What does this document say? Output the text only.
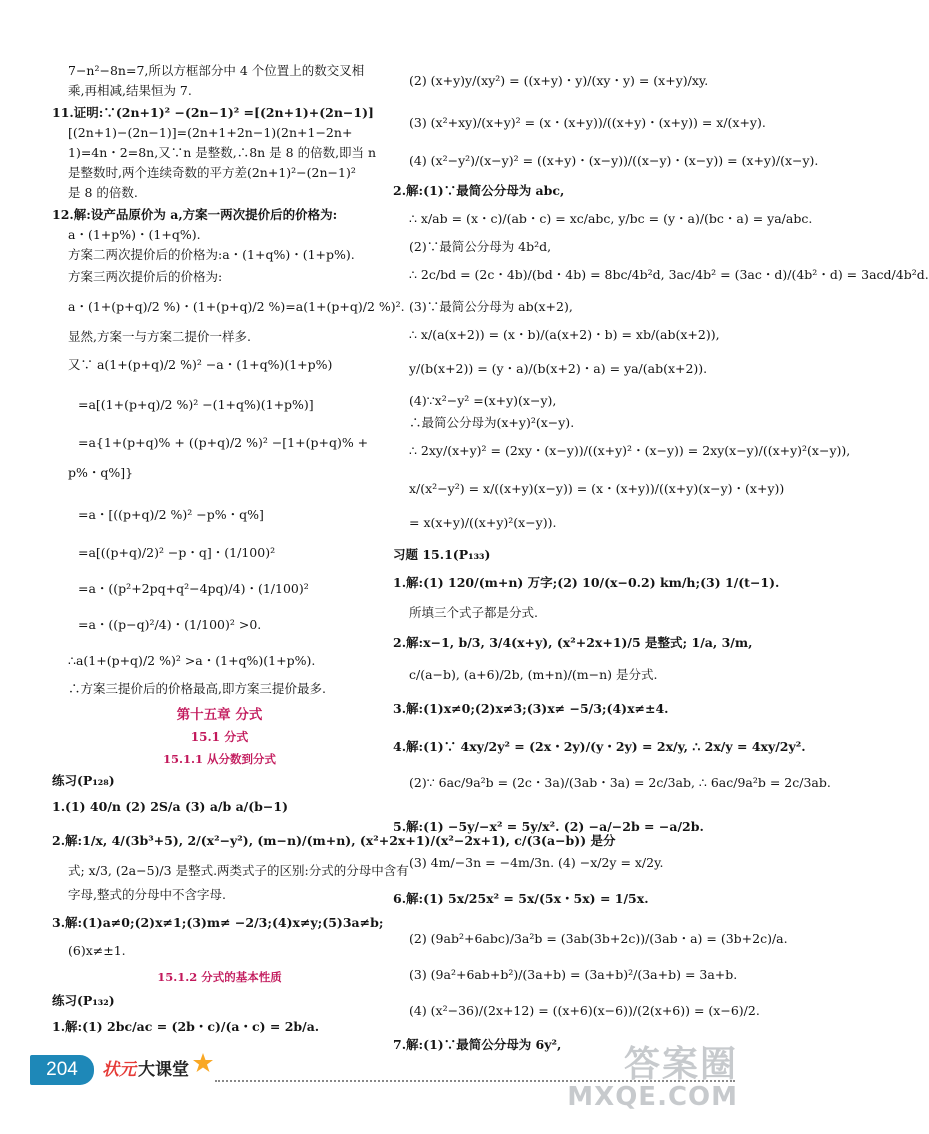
7−n²−8n=7,所以方框部分中 4 个位置上的数交叉相
乘,再相减,结果恒为 7.
11.证明:∵(2n+1)² −(2n−1)² =[(2n+1)+(2n−1)]
[(2n+1)−(2n−1)]=(2n+1+2n−1)(2n+1−2n+
1)=4n・2=8n,又∵n 是整数,∴8n 是 8 的倍数,即当 n
是整数时,两个连续奇数的平方差(2n+1)²−(2n−1)²
是 8 的倍数.
12.解:设产品原价为 a,方案一两次提价后的价格为:
a・(1+p%)・(1+q%).
方案二两次提价后的价格为:a・(1+q%)・(1+p%).
方案三两次提价后的价格为:
a・(1+(p+q)/2 %)・(1+(p+q)/2 %)=a(1+(p+q)/2 %)².
显然,方案一与方案二提价一样多.
又∵ a(1+(p+q)/2 %)² −a・(1+q%)(1+p%)
=a[(1+(p+q)/2 %)² −(1+q%)(1+p%)]
=a{1+(p+q)% + ((p+q)/2 %)² −[1+(p+q)% +
p%・q%]}
=a・[((p+q)/2 %)² −p%・q%]
=a[((p+q)/2)² −p・q]・(1/100)²
=a・((p²+2pq+q²−4pq)/4)・(1/100)²
=a・((p−q)²/4)・(1/100)² >0.
∴a(1+(p+q)/2 %)² >a・(1+q%)(1+p%).
∴方案三提价后的价格最高,即方案三提价最多.
第十五章 分式
15.1 分式
15.1.1 从分数到分式
练习(P₁₂₈)
1.(1) 40/n (2) 2S/a (3) a/b a/(b−1)
2.解:1/x, 4/(3b³+5), 2/(x²−y²), (m−n)/(m+n), (x²+2x+1)/(x²−2x+1), c/(3(a−b)) 是分
式; x/3, (2a−5)/3 是整式.两类式子的区别:分式的分母中含有
字母,整式的分母中不含字母.
3.解:(1)a≠0;(2)x≠1;(3)m≠ −2/3;(4)x≠y;(5)3a≠b;
(6)x≠±1.
15.1.2 分式的基本性质
练习(P₁₃₂)
1.解:(1) 2bc/ac = (2b・c)/(a・c) = 2b/a.
(2) (x+y)y/(xy²) = ((x+y)・y)/(xy・y) = (x+y)/xy.
(3) (x²+xy)/(x+y)² = (x・(x+y))/((x+y)・(x+y)) = x/(x+y).
(4) (x²−y²)/(x−y)² = ((x+y)・(x−y))/((x−y)・(x−y)) = (x+y)/(x−y).
2.解:(1)∵最简公分母为 abc,
∴ x/ab = (x・c)/(ab・c) = xc/abc, y/bc = (y・a)/(bc・a) = ya/abc.
(2)∵最简公分母为 4b²d,
∴ 2c/bd = (2c・4b)/(bd・4b) = 8bc/4b²d, 3ac/4b² = (3ac・d)/(4b²・d) = 3acd/4b²d.
(3)∵最简公分母为 ab(x+2),
∴ x/(a(x+2)) = (x・b)/(a(x+2)・b) = xb/(ab(x+2)),
y/(b(x+2)) = (y・a)/(b(x+2)・a) = ya/(ab(x+2)).
(4)∵x²−y² =(x+y)(x−y),
∴最简公分母为(x+y)²(x−y).
∴ 2xy/(x+y)² = (2xy・(x−y))/((x+y)²・(x−y)) = 2xy(x−y)/((x+y)²(x−y)),
x/(x²−y²) = x/((x+y)(x−y)) = (x・(x+y))/((x+y)(x−y)・(x+y))
= x(x+y)/((x+y)²(x−y)).
习题 15.1(P₁₃₃)
1.解:(1) 120/(m+n) 万字;(2) 10/(x−0.2) km/h;(3) 1/(t−1).
所填三个式子都是分式.
2.解:x−1, b/3, 3/4(x+y), (x²+2x+1)/5 是整式; 1/a, 3/m,
c/(a−b), (a+6)/2b, (m+n)/(m−n) 是分式.
3.解:(1)x≠0;(2)x≠3;(3)x≠ −5/3;(4)x≠±4.
4.解:(1)∵ 4xy/2y² = (2x・2y)/(y・2y) = 2x/y, ∴ 2x/y = 4xy/2y².
(2)∵ 6ac/9a²b = (2c・3a)/(3ab・3a) = 2c/3ab, ∴ 6ac/9a²b = 2c/3ab.
5.解:(1) −5y/−x² = 5y/x². (2) −a/−2b = −a/2b.
(3) 4m/−3n = −4m/3n. (4) −x/2y = x/2y.
6.解:(1) 5x/25x² = 5x/(5x・5x) = 1/5x.
(2) (9ab²+6abc)/3a²b = (3ab(3b+2c))/(3ab・a) = (3b+2c)/a.
(3) (9a²+6ab+b²)/(3a+b) = (3a+b)²/(3a+b) = 3a+b.
(4) (x²−36)/(2x+12) = ((x+6)(x−6))/(2(x+6)) = (x−6)/2.
7.解:(1)∵最简公分母为 6y²,
204	状元 大课堂	答案圈
MXQE.COM
